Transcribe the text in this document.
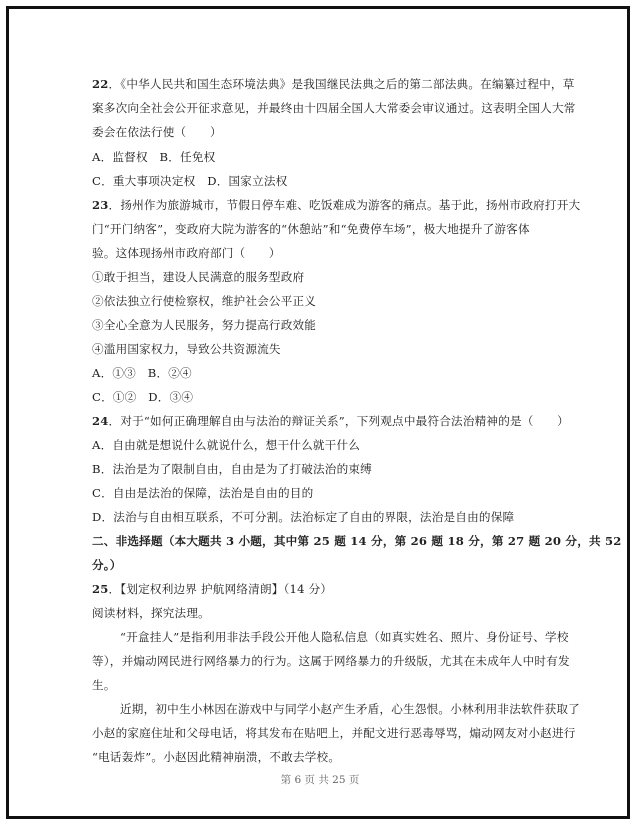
22．《中华人民共和国生态环境法典》是我国继民法典之后的第二部法典。在编纂过程中，草
案多次向全社会公开征求意见，并最终由十四届全国人大常委会审议通过。这表明全国人大常
委会在依法行使（　　）
A．监督权　B．任免权
C．重大事项决定权　D．国家立法权
23．扬州作为旅游城市，节假日停车难、吃饭难成为游客的痛点。基于此，扬州市政府打开大
门“开门纳客”，变政府大院为游客的“休憩站”和“免费停车场”，极大地提升了游客体
验。这体现扬州市政府部门（　　）
①敢于担当，建设人民满意的服务型政府
②依法独立行使检察权，维护社会公平正义
③全心全意为人民服务，努力提高行政效能
④滥用国家权力，导致公共资源流失
A．①③　B．②④
C．①②　D．③④
24．对于“如何正确理解自由与法治的辩证关系”，下列观点中最符合法治精神的是（　　）
A．自由就是想说什么就说什么，想干什么就干什么
B．法治是为了限制自由，自由是为了打破法治的束缚
C．自由是法治的保障，法治是自由的目的
D．法治与自由相互联系，不可分割。法治标定了自由的界限，法治是自由的保障
二、非选择题（本大题共 3 小题，其中第 25 题 14 分，第 26 题 18 分，第 27 题 20 分，共 52
分。）
25．【划定权利边界 护航网络清朗】（14 分）
阅读材料，探究法理。
“开盒挂人”是指利用非法手段公开他人隐私信息（如真实姓名、照片、身份证号、学校
等），并煽动网民进行网络暴力的行为。这属于网络暴力的升级版，尤其在未成年人中时有发
生。
近期，初中生小林因在游戏中与同学小赵产生矛盾，心生怨恨。小林利用非法软件获取了
小赵的家庭住址和父母电话，将其发布在贴吧上，并配文进行恶毒辱骂，煽动网友对小赵进行
“电话轰炸”。小赵因此精神崩溃，不敢去学校。
第 6 页 共 25 页
